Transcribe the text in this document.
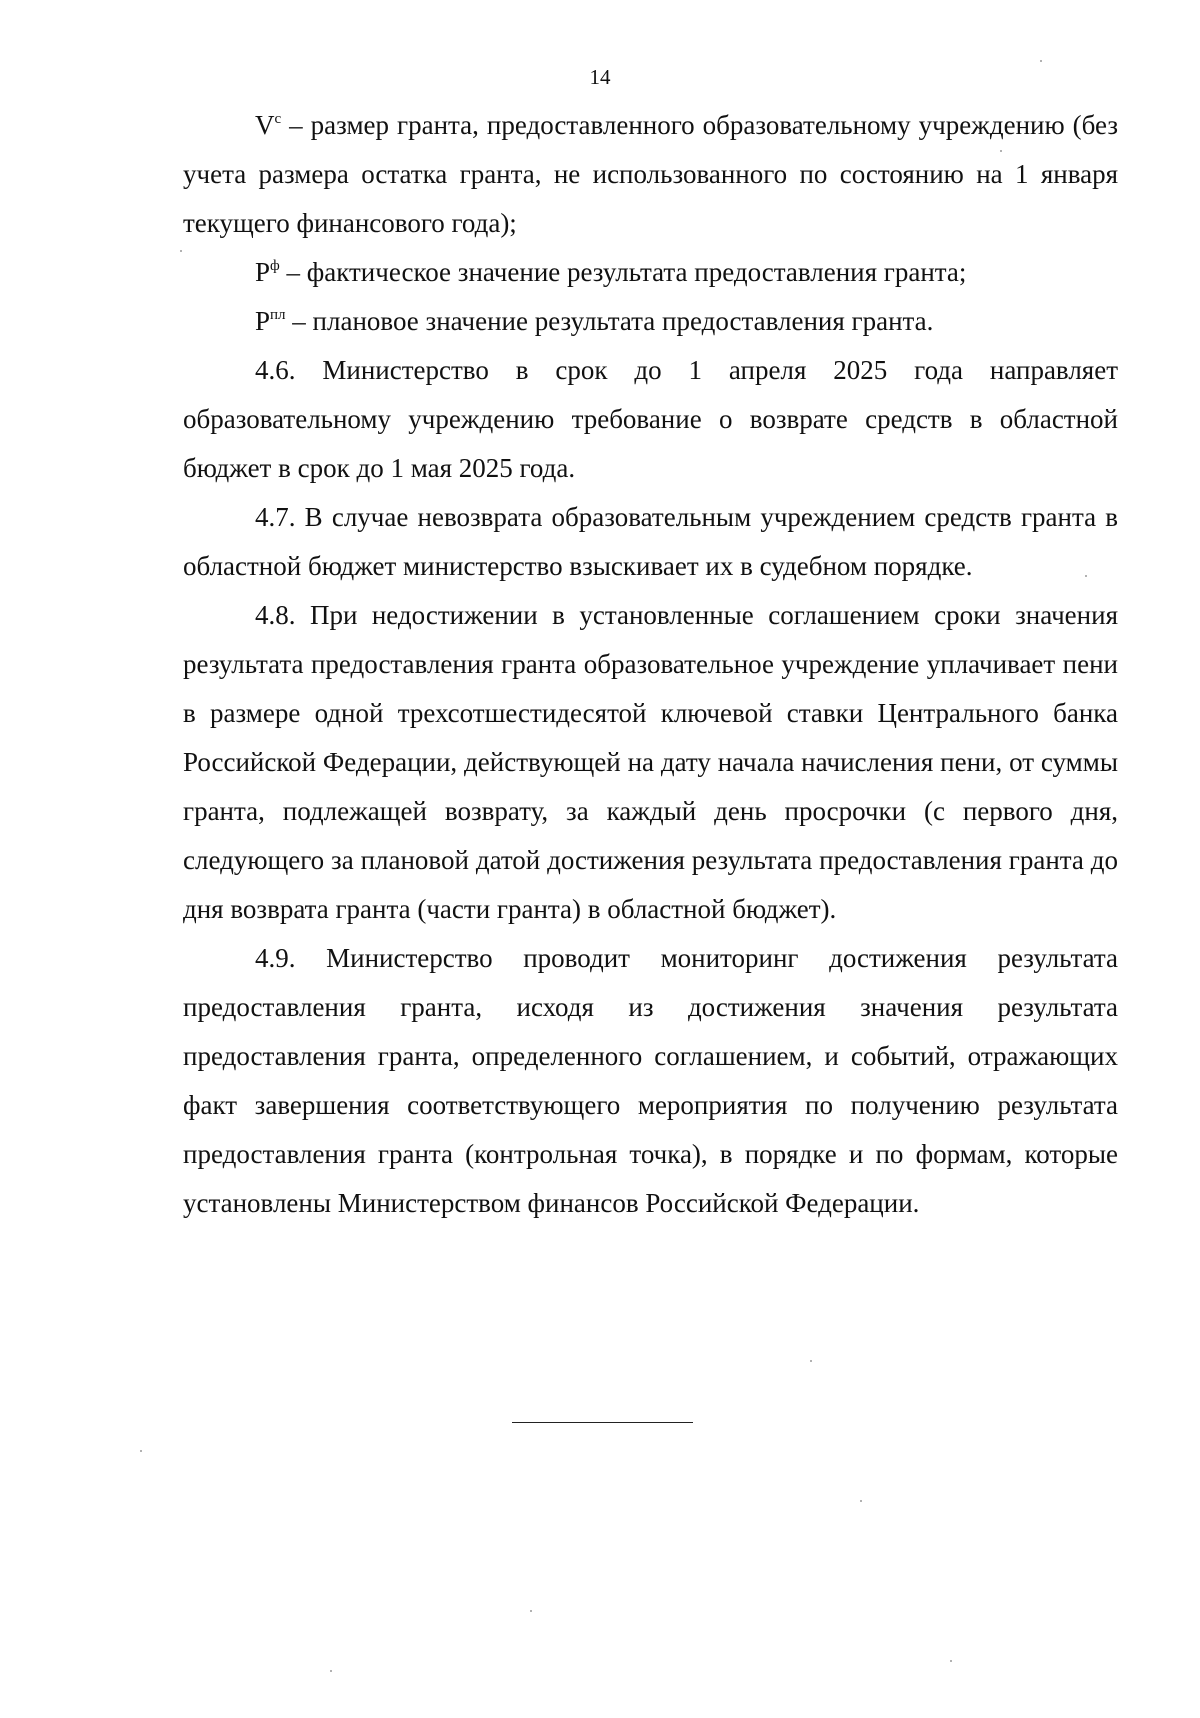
14

$V^с$ – размер гранта, предоставленного образовательному учреждению (без учета размера остатка гранта, не использованного по состоянию на 1 января текущего финансового года);

$Р^ф$ – фактическое значение результата предоставления гранта;

$Р^{пл}$ – плановое значение результата предоставления гранта.

4.6. Министерство в срок до 1 апреля 2025 года направляет образовательному учреждению требование о возврате средств в областной бюджет в срок до 1 мая 2025 года.

4.7. В случае невозврата образовательным учреждением средств гранта в областной бюджет министерство взыскивает их в судебном порядке.

4.8. При недостижении в установленные соглашением сроки значения результата предоставления гранта образовательное учреждение уплачивает пени в размере одной трехсотшестидесятой ключевой ставки Центрального банка Российской Федерации, действующей на дату начала начисления пени, от суммы гранта, подлежащей возврату, за каждый день просрочки (с первого дня, следующего за плановой датой достижения результата предоставления гранта до дня возврата гранта (части гранта) в областной бюджет).

4.9. Министерство проводит мониторинг достижения результата предоставления гранта, исходя из достижения значения результата предоставления гранта, определенного соглашением, и событий, отражающих факт завершения соответствующего мероприятия по получению результата предоставления гранта (контрольная точка), в порядке и по формам, которые установлены Министерством финансов Российской Федерации.
